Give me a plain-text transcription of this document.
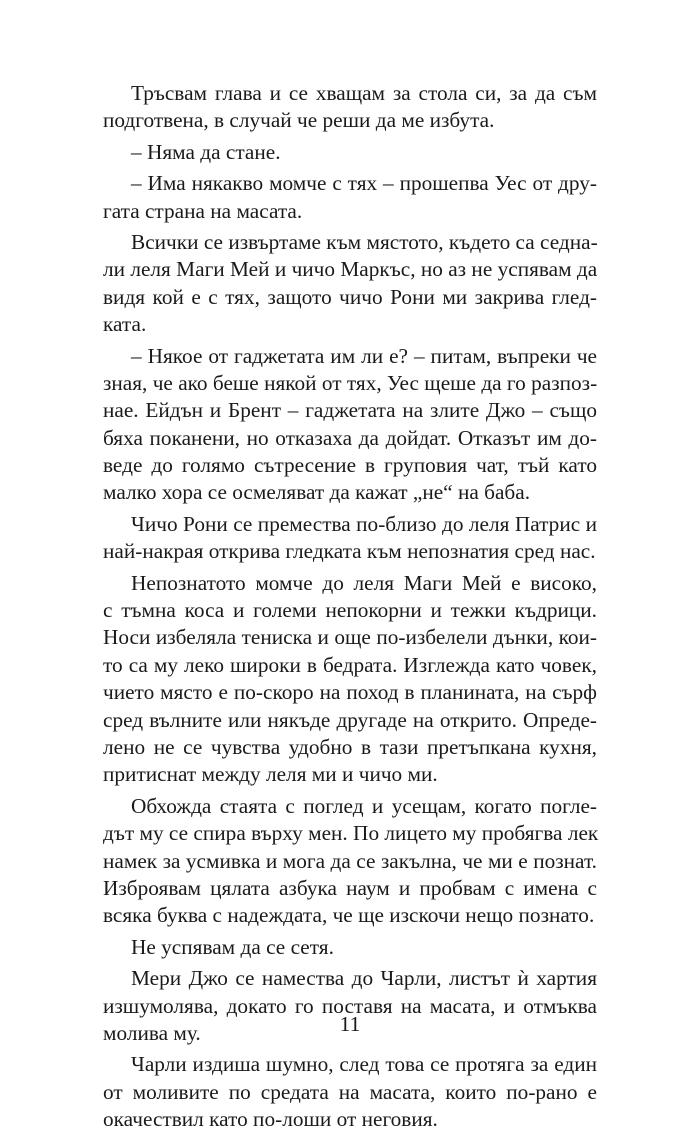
Тръсвам глава и се хващам за стола си, за да съм
подготвена, в случай че реши да ме избута.
– Няма да стане.
– Има някакво момче с тях – прошепва Уес от дру-
гата страна на масата.
Всички се извъртаме към мястото, където са седна-
ли леля Маги Мей и чичо Маркъс, но аз не успявам да
видя кой е с тях, защото чичо Рони ми закрива глед-
ката.
– Някое от гаджетата им ли е? – питам, въпреки че
зная, че ако беше някой от тях, Уес щеше да го разпоз-
нае. Ейдън и Брент – гаджетата на злите Джо – също
бяха поканени, но отказаха да дойдат. Отказът им до-
веде до голямо сътресение в груповия чат, тъй като
малко хора се осмеляват да кажат „не“ на баба.
Чичо Рони се премества по-близо до леля Патрис и
най-накрая открива гледката към непознатия сред нас.
Непознатото момче до леля Маги Мей е високо,
с тъмна коса и големи непокорни и тежки къдрици.
Носи избеляла тениска и още по-избелели дънки, кои-
то са му леко широки в бедрата. Изглежда като човек,
чието място е по-скоро на поход в планината, на сърф
сред вълните или някъде другаде на открито. Опреде-
лено не се чувства удобно в тази претъпкана кухня,
притиснат между леля ми и чичо ми.
Обхожда стаята с поглед и усещам, когато погле-
дът му се спира върху мен. По лицето му пробягва лек
намек за усмивка и мога да се закълна, че ми е познат.
Изброявам цялата азбука наум и пробвам с имена с
всяка буква с надеждата, че ще изскочи нещо познато.
Не успявам да се сетя.
Мери Джо се намества до Чарли, листът ѝ хартия
изшумолява, докато го поставя на масата, и отмъква
молива му.
Чарли издиша шумно, след това се протяга за един
от моливите по средата на масата, които по-рано е
окачествил като по-лоши от неговия.
11
